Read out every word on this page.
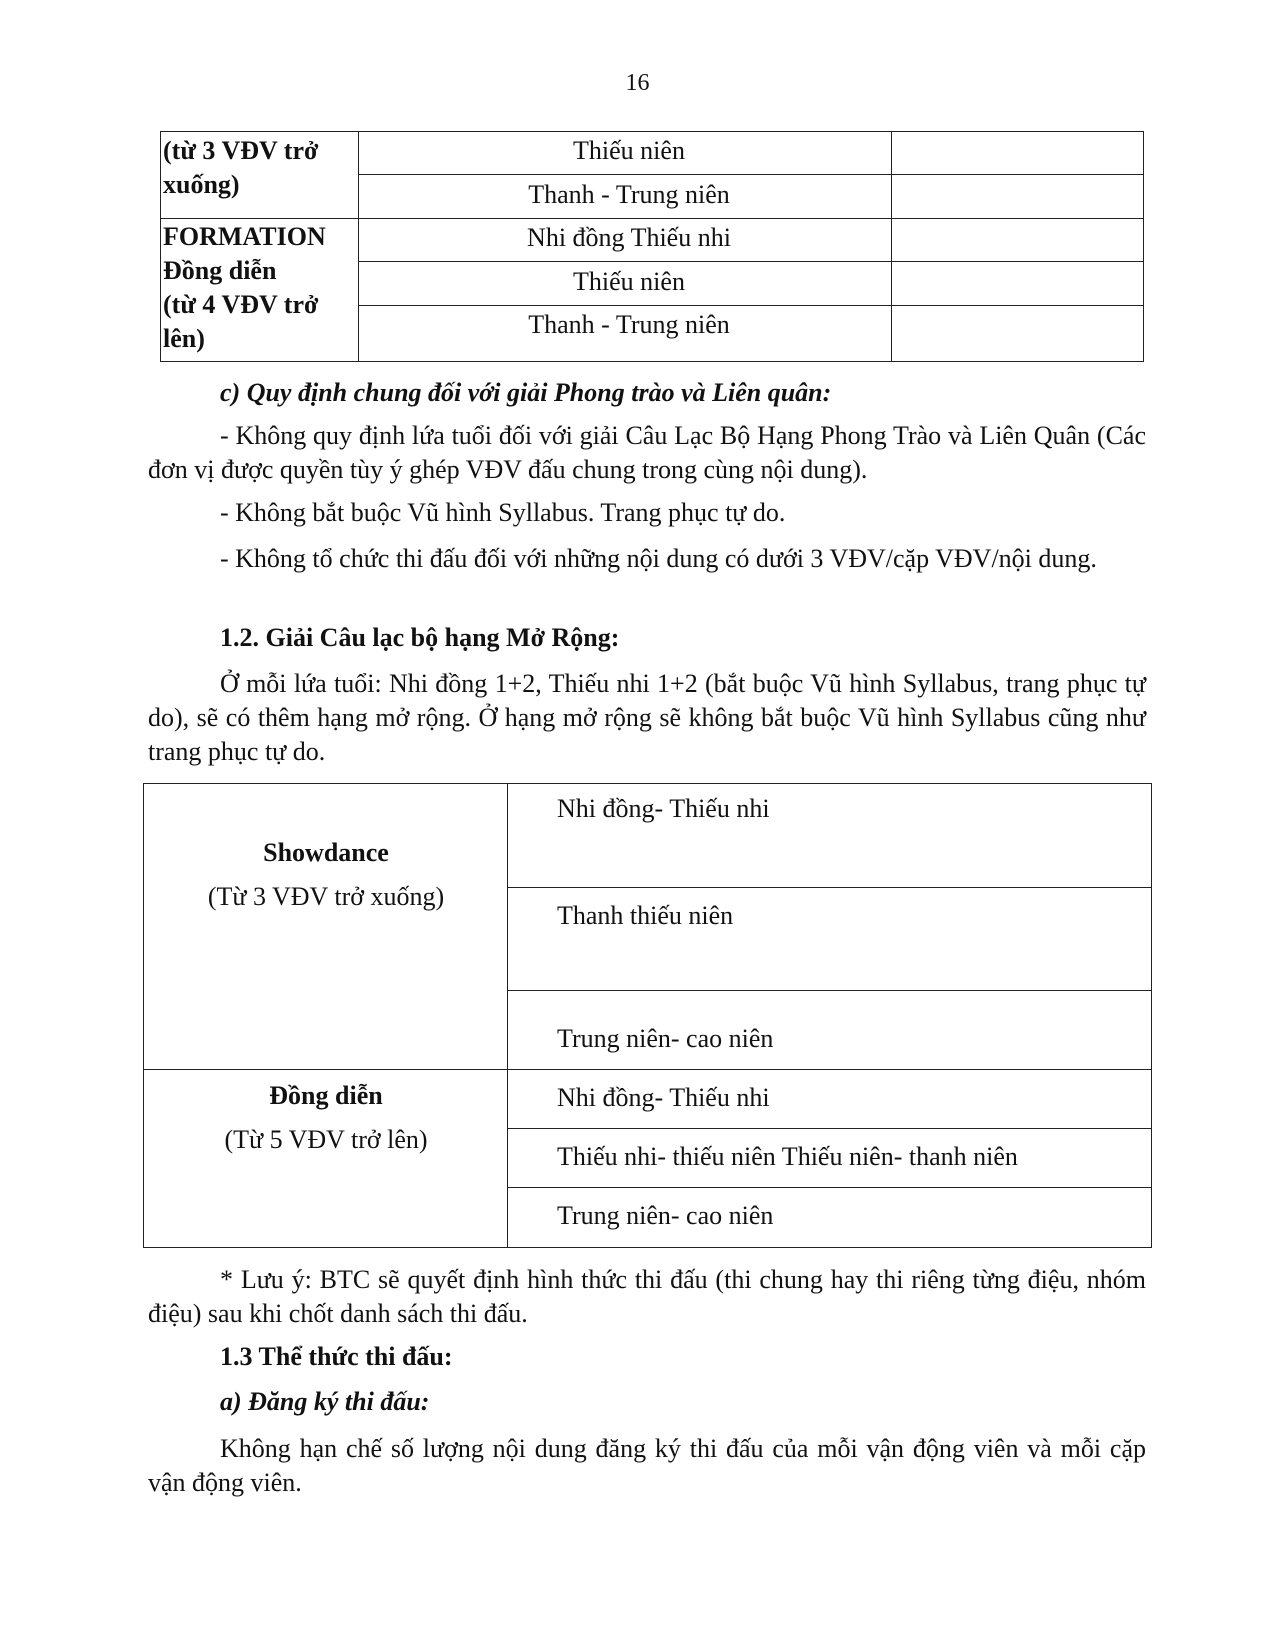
16
(từ 3 VĐV trở
xuống)
FORMATION
Đồng diễn
(từ 4 VĐV trở
lên)
Thiếu niên
Thanh - Trung niên
Nhi đồng Thiếu nhi
Thiếu niên
Thanh - Trung niên
c) Quy định chung đối với giải Phong trào và Liên quân:
- Không quy định lứa tuổi đối với giải Câu Lạc Bộ Hạng Phong Trào và Liên Quân (Các đơn vị được quyền tùy ý ghép VĐV đấu chung trong cùng nội dung).
- Không bắt buộc Vũ hình Syllabus. Trang phục tự do.
- Không tổ chức thi đấu đối với những nội dung có dưới 3 VĐV/cặp VĐV/nội dung.
1.2. Giải Câu lạc bộ hạng Mở Rộng:
Ở mỗi lứa tuổi: Nhi đồng 1+2, Thiếu nhi 1+2 (bắt buộc Vũ hình Syllabus, trang phục tự do), sẽ có thêm hạng mở rộng. Ở hạng mở rộng sẽ không bắt buộc Vũ hình Syllabus cũng như trang phục tự do.
Showdance
(Từ 3 VĐV trở xuống)
Đồng diễn
(Từ 5 VĐV trở lên)
Nhi đồng- Thiếu nhi
Thanh thiếu niên
Trung niên- cao niên
Nhi đồng- Thiếu nhi
Thiếu nhi- thiếu niên Thiếu niên- thanh niên
Trung niên- cao niên
* Lưu ý: BTC sẽ quyết định hình thức thi đấu (thi chung hay thi riêng từng điệu, nhóm điệu) sau khi chốt danh sách thi đấu.
1.3 Thể thức thi đấu:
a) Đăng ký thi đấu:
Không hạn chế số lượng nội dung đăng ký thi đấu của mỗi vận động viên và mỗi cặp vận động viên.
